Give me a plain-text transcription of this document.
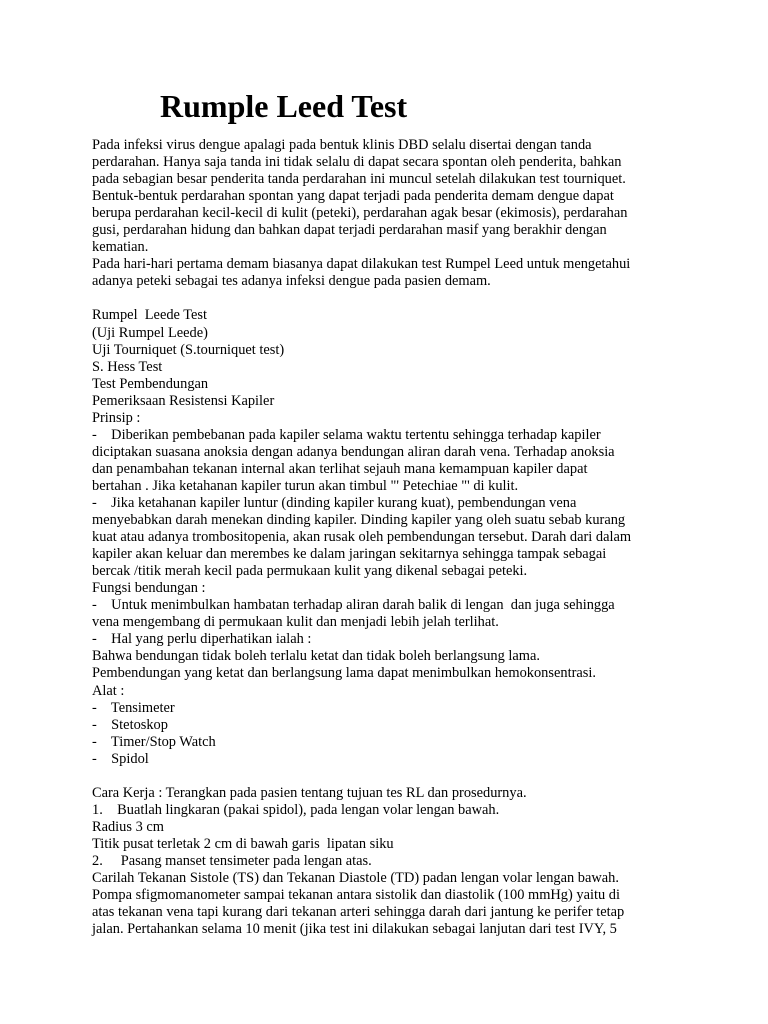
Rumple Leed Test
Pada infeksi virus dengue apalagi pada bentuk klinis DBD selalu disertai dengan tanda
perdarahan. Hanya saja tanda ini tidak selalu di dapat secara spontan oleh penderita, bahkan
pada sebagian besar penderita tanda perdarahan ini muncul setelah dilakukan test tourniquet.
Bentuk-bentuk perdarahan spontan yang dapat terjadi pada penderita demam dengue dapat
berupa perdarahan kecil-kecil di kulit (peteki), perdarahan agak besar (ekimosis), perdarahan
gusi, perdarahan hidung dan bahkan dapat terjadi perdarahan masif yang berakhir dengan
kematian.
Pada hari-hari pertama demam biasanya dapat dilakukan test Rumpel Leed untuk mengetahui
adanya peteki sebagai tes adanya infeksi dengue pada pasien demam.
Rumpel  Leede Test
(Uji Rumpel Leede)
Uji Tourniquet (S.tourniquet test)
S. Hess Test
Test Pembendungan
Pemeriksaan Resistensi Kapiler
Prinsip :
-    Diberikan pembebanan pada kapiler selama waktu tertentu sehingga terhadap kapiler
diciptakan suasana anoksia dengan adanya bendungan aliran darah vena. Terhadap anoksia
dan penambahan tekanan internal akan terlihat sejauh mana kemampuan kapiler dapat
bertahan . Jika ketahanan kapiler turun akan timbul "' Petechiae "' di kulit.
-    Jika ketahanan kapiler luntur (dinding kapiler kurang kuat), pembendungan vena
menyebabkan darah menekan dinding kapiler. Dinding kapiler yang oleh suatu sebab kurang
kuat atau adanya trombositopenia, akan rusak oleh pembendungan tersebut. Darah dari dalam
kapiler akan keluar dan merembes ke dalam jaringan sekitarnya sehingga tampak sebagai
bercak /titik merah kecil pada permukaan kulit yang dikenal sebagai peteki.
Fungsi bendungan :
-    Untuk menimbulkan hambatan terhadap aliran darah balik di lengan  dan juga sehingga
vena mengembang di permukaan kulit dan menjadi lebih jelah terlihat.
-    Hal yang perlu diperhatikan ialah :
Bahwa bendungan tidak boleh terlalu ketat dan tidak boleh berlangsung lama.
Pembendungan yang ketat dan berlangsung lama dapat menimbulkan hemokonsentrasi.
Alat :
-    Tensimeter
-    Stetoskop
-    Timer/Stop Watch
-    Spidol
Cara Kerja : Terangkan pada pasien tentang tujuan tes RL dan prosedurnya.
1.    Buatlah lingkaran (pakai spidol), pada lengan volar lengan bawah.
Radius 3 cm
Titik pusat terletak 2 cm di bawah garis  lipatan siku
2.     Pasang manset tensimeter pada lengan atas.
Carilah Tekanan Sistole (TS) dan Tekanan Diastole (TD) padan lengan volar lengan bawah.
Pompa sfigmomanometer sampai tekanan antara sistolik dan diastolik (100 mmHg) yaitu di
atas tekanan vena tapi kurang dari tekanan arteri sehingga darah dari jantung ke perifer tetap
jalan. Pertahankan selama 10 menit (jika test ini dilakukan sebagai lanjutan dari test IVY, 5
